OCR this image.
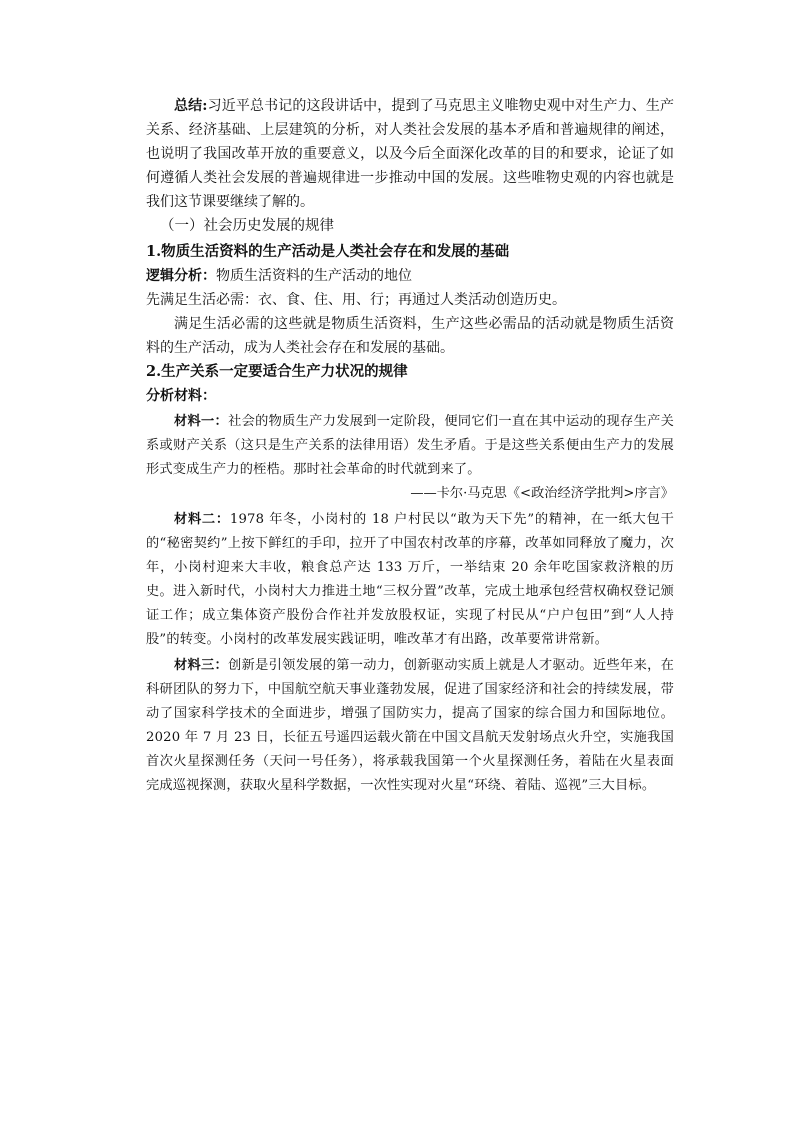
总结:习近平总书记的这段讲话中，提到了马克思主义唯物史观中对生产力、生产关系、经济基础、上层建筑的分析，对人类社会发展的基本矛盾和普遍规律的阐述，也说明了我国改革开放的重要意义，以及今后全面深化改革的目的和要求，论证了如何遵循人类社会发展的普遍规律进一步推动中国的发展。这些唯物史观的内容也就是我们这节课要继续了解的。

（一）社会历史发展的规律

1.物质生活资料的生产活动是人类社会存在和发展的基础

逻辑分析：物质生活资料的生产活动的地位

先满足生活必需：衣、食、住、用、行；再通过人类活动创造历史。

满足生活必需的这些就是物质生活资料，生产这些必需品的活动就是物质生活资料的生产活动，成为人类社会存在和发展的基础。

2.生产关系一定要适合生产力状况的规律

分析材料：

材料一：社会的物质生产力发展到一定阶段，便同它们一直在其中运动的现存生产关系或财产关系（这只是生产关系的法律用语）发生矛盾。于是这些关系便由生产力的发展形式变成生产力的桎梏。那时社会革命的时代就到来了。

——卡尔·马克思《<政治经济学批判>序言》

材料二：1978 年冬，小岗村的 18 户村民以“敢为天下先”的精神，在一纸大包干的“秘密契约”上按下鲜红的手印，拉开了中国农村改革的序幕，改革如同释放了魔力，次年，小岗村迎来大丰收，粮食总产达 133 万斤，一举结束 20 余年吃国家救济粮的历史。进入新时代，小岗村大力推进土地“三权分置”改革，完成土地承包经营权确权登记颁证工作；成立集体资产股份合作社并发放股权证，实现了村民从“户户包田”到“人人持股”的转变。小岗村的改革发展实践证明，唯改革才有出路，改革要常讲常新。

材料三：创新是引领发展的第一动力，创新驱动实质上就是人才驱动。近些年来，在科研团队的努力下，中国航空航天事业蓬勃发展，促进了国家经济和社会的持续发展，带动了国家科学技术的全面进步，增强了国防实力，提高了国家的综合国力和国际地位。2020 年 7 月 23 日，长征五号遥四运载火箭在中国文昌航天发射场点火升空，实施我国首次火星探测任务（天问一号任务），将承载我国第一个火星探测任务，着陆在火星表面完成巡视探测，获取火星科学数据，一次性实现对火星“环绕、着陆、巡视”三大目标。
